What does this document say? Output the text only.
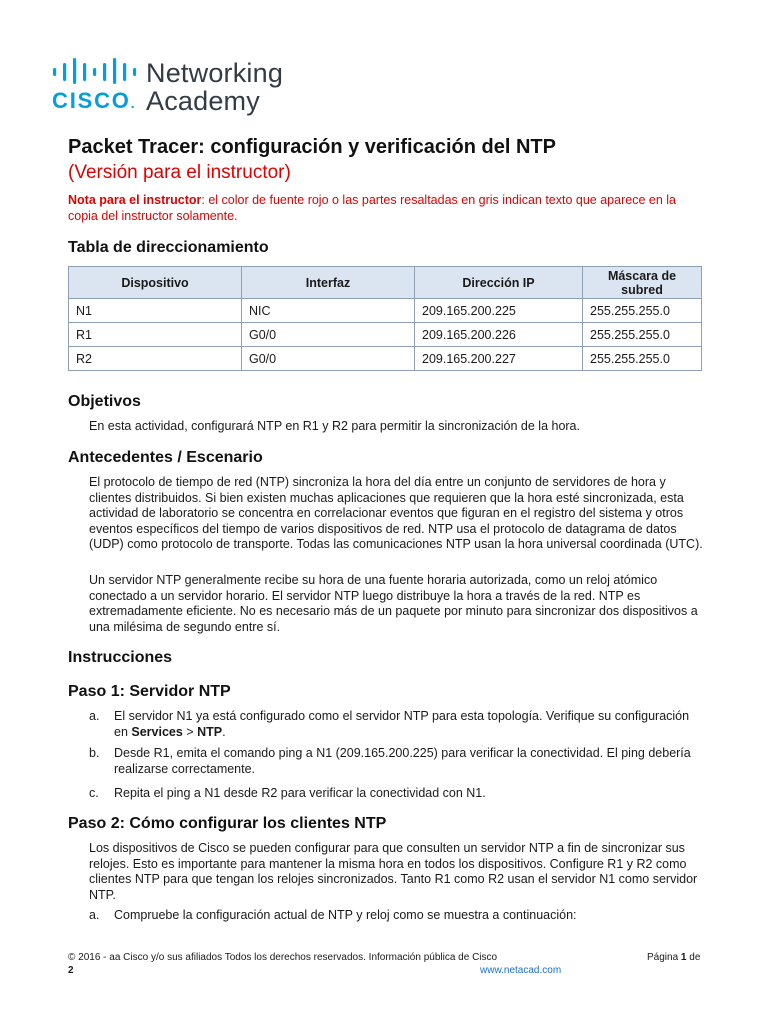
CISCO.
Networking
Academy
Packet Tracer: configuración y verificación del NTP
(Versión para el instructor)
Nota para el instructor: el color de fuente rojo o las partes resaltadas en gris indican texto que aparece en la copia del instructor solamente.
Tabla de direccionamiento
Dispositivo	Interfaz	Dirección IP	Máscara de subred
N1	NIC	209.165.200.225	255.255.255.0
R1	G0/0	209.165.200.226	255.255.255.0
R2	G0/0	209.165.200.227	255.255.255.0
Objetivos

En esta actividad, configurará NTP en R1 y R2 para permitir la sincronización de la hora.

Antecedentes / Escenario

El protocolo de tiempo de red (NTP) sincroniza la hora del día entre un conjunto de servidores de hora y clientes distribuidos. Si bien existen muchas aplicaciones que requieren que la hora esté sincronizada, esta actividad de laboratorio se concentra en correlacionar eventos que figuran en el registro del sistema y otros eventos específicos del tiempo de varios dispositivos de red. NTP usa el protocolo de datagrama de datos (UDP) como protocolo de transporte. Todas las comunicaciones NTP usan la hora universal coordinada (UTC).

Un servidor NTP generalmente recibe su hora de una fuente horaria autorizada, como un reloj atómico conectado a un servidor horario. El servidor NTP luego distribuye la hora a través de la red. NTP es extremadamente eficiente. No es necesario más de un paquete por minuto para sincronizar dos dispositivos a una milésima de segundo entre sí.

Instrucciones
Paso 1: Servidor NTP
a. El servidor N1 ya está configurado como el servidor NTP para esta topología. Verifique su configuración en Services > NTP.
b. Desde R1, emita el comando ping a N1 (209.165.200.225) para verificar la conectividad. El ping debería realizarse correctamente.
c. Repita el ping a N1 desde R2 para verificar la conectividad con N1.
Paso 2: Cómo configurar los clientes NTP

Los dispositivos de Cisco se pueden configurar para que consulten un servidor NTP a fin de sincronizar sus relojes. Esto es importante para mantener la misma hora en todos los dispositivos. Configure R1 y R2 como clientes NTP para que tengan los relojes sincronizados. Tanto R1 como R2 usan el servidor N1 como servidor NTP.

a. Compruebe la configuración actual de NTP y reloj como se muestra a continuación:
© 2016 - aa Cisco y/o sus afiliados Todos los derechos reservados. Información pública de Cisco	Página 1 de
2	www.netacad.com
